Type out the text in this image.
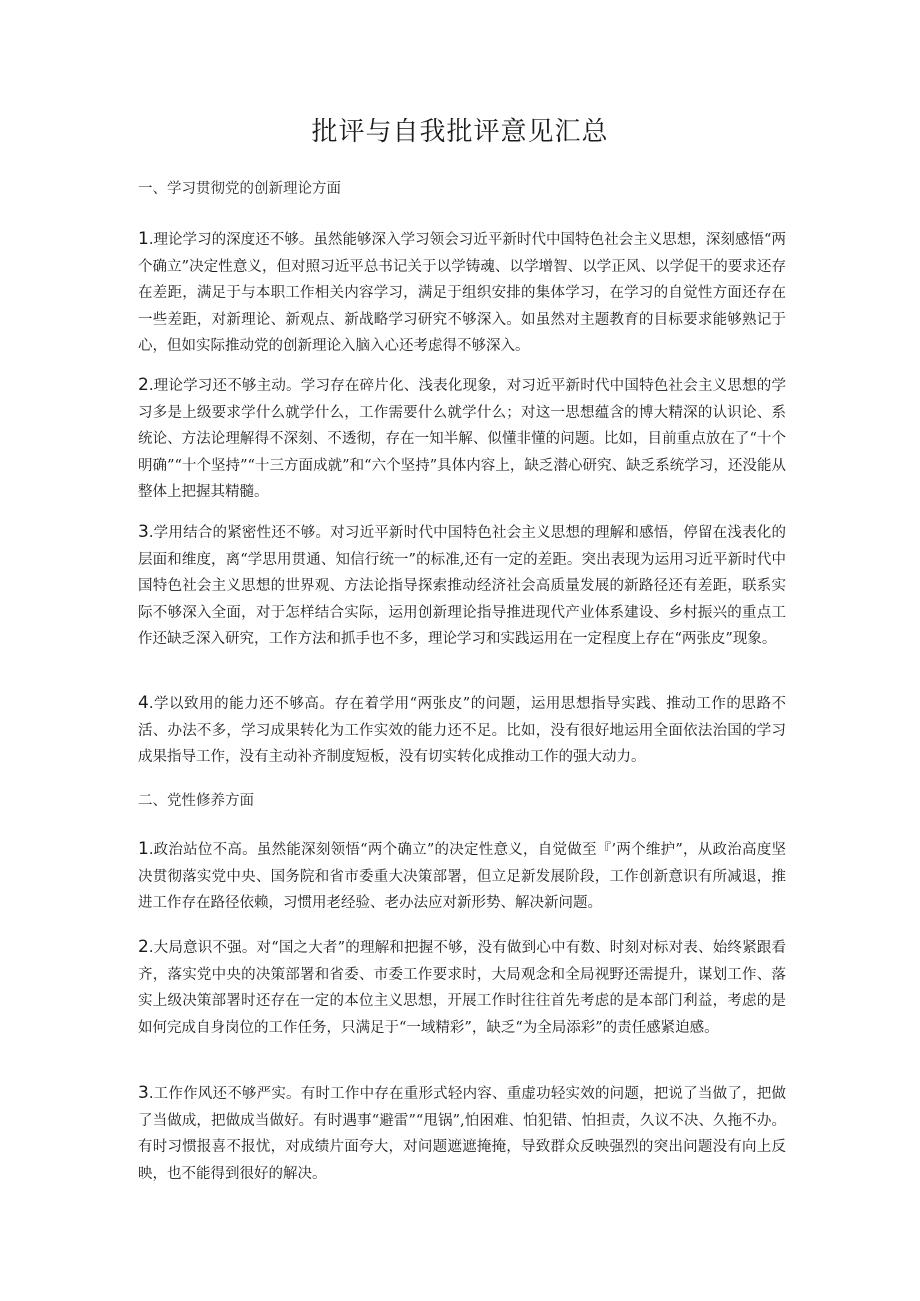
批评与自我批评意见汇总

一、学习贯彻党的创新理论方面

1.理论学习的深度还不够。虽然能够深入学习领会习近平新时代中国特色社会主义思想，深刻感悟“两个确立”决定性意义，但对照习近平总书记关于以学铸魂、以学增智、以学正风、以学促干的要求还存在差距，满足于与本职工作相关内容学习，满足于组织安排的集体学习，在学习的自觉性方面还存在一些差距，对新理论、新观点、新战略学习研究不够深入。如虽然对主题教育的目标要求能够熟记于心，但如实际推动党的创新理论入脑入心还考虑得不够深入。

2.理论学习还不够主动。学习存在碎片化、浅表化现象，对习近平新时代中国特色社会主义思想的学习多是上级要求学什么就学什么，工作需要什么就学什么；对这一思想蕴含的博大精深的认识论、系统论、方法论理解得不深刻、不透彻，存在一知半解、似懂非懂的问题。比如，目前重点放在了“十个明确”“十个坚持”“十三方面成就”和“六个坚持”具体内容上，缺乏潜心研究、缺乏系统学习，还没能从整体上把握其精髓。

3.学用结合的紧密性还不够。对习近平新时代中国特色社会主义思想的理解和感悟，停留在浅表化的层面和维度，离“学思用贯通、知信行统一”的标准,还有一定的差距。突出表现为运用习近平新时代中国特色社会主义思想的世界观、方法论指导探索推动经济社会高质量发展的新路径还有差距，联系实际不够深入全面，对于怎样结合实际，运用创新理论指导推进现代产业体系建设、乡村振兴的重点工作还缺乏深入研究，工作方法和抓手也不多，理论学习和实践运用在一定程度上存在“两张皮”现象。

4.学以致用的能力还不够高。存在着学用“两张皮”的问题，运用思想指导实践、推动工作的思路不活、办法不多，学习成果转化为工作实效的能力还不足。比如，没有很好地运用全面依法治国的学习成果指导工作，没有主动补齐制度短板，没有切实转化成推动工作的强大动力。

二、党性修养方面

1.政治站位不高。虽然能深刻领悟“两个确立”的决定性意义，自觉做至『’两个维护”，从政治高度坚决贯彻落实党中央、国务院和省市委重大决策部署，但立足新发展阶段，工作创新意识有所减退，推进工作存在路径依赖，习惯用老经验、老办法应对新形势、解决新问题。

2.大局意识不强。对“国之大者”的理解和把握不够，没有做到心中有数、时刻对标对表、始终紧跟看齐，落实党中央的决策部署和省委、市委工作要求时，大局观念和全局视野还需提升，谋划工作、落实上级决策部署时还存在一定的本位主义思想，开展工作时往往首先考虑的是本部门利益，考虑的是如何完成自身岗位的工作任务，只满足于“一域精彩”，缺乏“为全局添彩”的责任感紧迫感。

3.工作作风还不够严实。有时工作中存在重形式轻内容、重虚功轻实效的问题，把说了当做了，把做了当做成，把做成当做好。有时遇事“避雷”“甩锅”,怕困难、怕犯错、怕担责，久议不决、久拖不办。有时习惯报喜不报忧，对成绩片面夸大，对问题遮遮掩掩，导致群众反映强烈的突出问题没有向上反映，也不能得到很好的解决。
